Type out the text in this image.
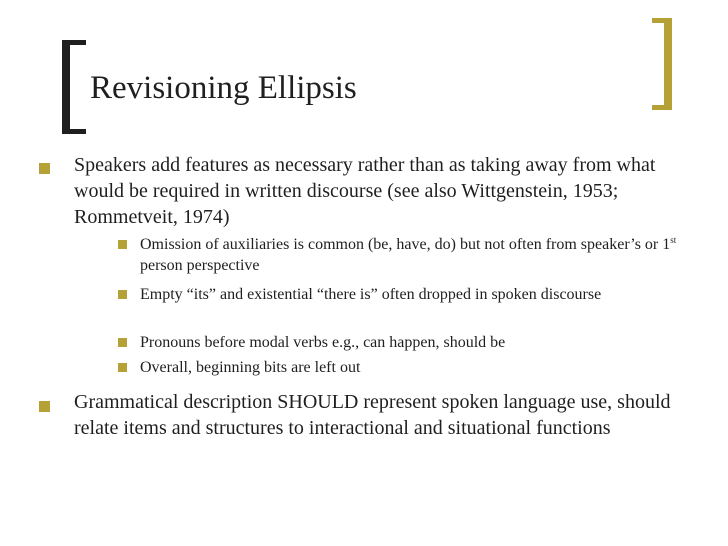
Revisioning Ellipsis
Speakers add features as necessary rather than as taking away from what would be required in written discourse (see also Wittgenstein, 1953; Rommetveit, 1974)
Omission of auxiliaries is common (be, have, do) but not often from speaker’s or 1st person perspective
Empty “its” and existential “there is” often dropped in spoken discourse
Pronouns before modal verbs e.g., can happen, should be
Overall, beginning bits are left out
Grammatical description SHOULD represent spoken language use, should relate items and structures to interactional and situational functions
